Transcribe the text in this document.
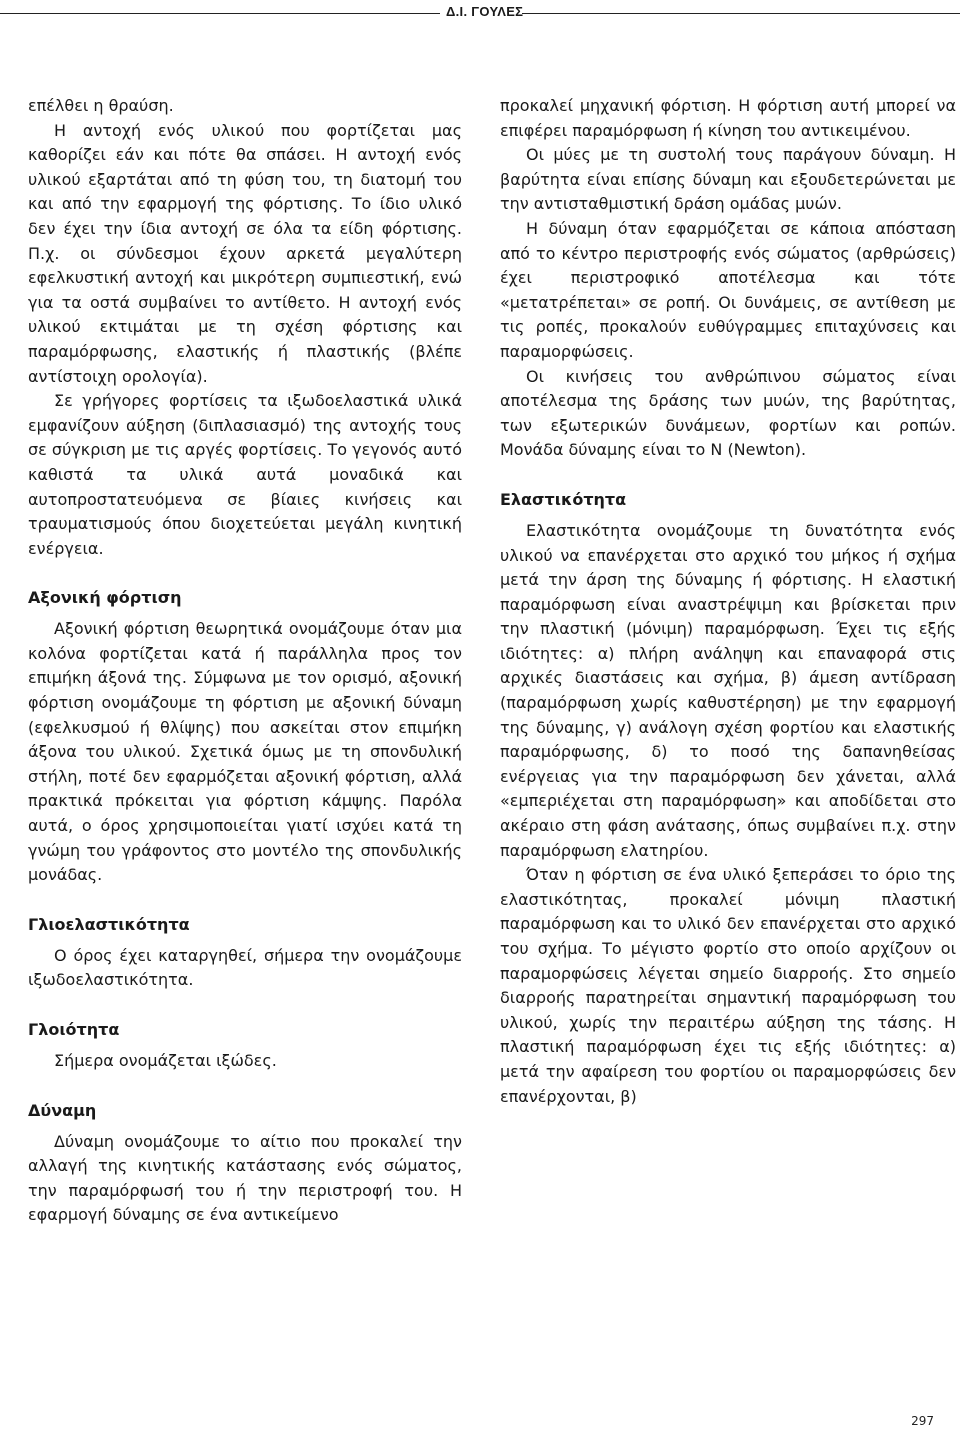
Δ.Ι. ΓΟΥΛΕΣ

επέλθει η θραύση.

Η αντοχή ενός υλικού που φορτίζεται μας καθορίζει εάν και πότε θα σπάσει. Η αντοχή ενός υλικού εξαρτάται από τη φύση του, τη διατομή του και από την εφαρμογή της φόρτισης. Το ίδιο υλικό δεν έχει την ίδια αντοχή σε όλα τα είδη φόρτισης. Π.χ. οι σύνδεσμοι έχουν αρκετά μεγαλύτερη εφελκυστική αντοχή και μικρότερη συμπιεστική, ενώ για τα οστά συμβαίνει το αντίθετο. Η αντοχή ενός υλικού εκτιμάται με τη σχέση φόρτισης και παραμόρφωσης, ελαστικής ή πλαστικής (βλέπε αντίστοιχη ορολογία).

Σε γρήγορες φορτίσεις τα ιξωδοελαστικά υλικά εμφανίζουν αύξηση (διπλασιασμό) της αντοχής τους σε σύγκριση με τις αργές φορτίσεις. Το γεγονός αυτό καθιστά τα υλικά αυτά μοναδικά και αυτοπροστατευόμενα σε βίαιες κινήσεις και τραυματισμούς όπου διοχετεύεται μεγάλη κινητική ενέργεια.

Αξονική φόρτιση

Αξονική φόρτιση θεωρητικά ονομάζουμε όταν μια κολόνα φορτίζεται κατά ή παράλληλα προς τον επιμήκη άξονά της. Σύμφωνα με τον ορισμό, αξονική φόρτιση ονομάζουμε τη φόρτιση με αξονική δύναμη (εφελκυσμού ή θλίψης) που ασκείται στον επιμήκη άξονα του υλικού. Σχετικά όμως με τη σπονδυλική στήλη, ποτέ δεν εφαρμόζεται αξονική φόρτιση, αλλά πρακτικά πρόκειται για φόρτιση κάμψης. Παρόλα αυτά, ο όρος χρησιμοποιείται γιατί ισχύει κατά τη γνώμη του γράφοντος στο μοντέλο της σπονδυλικής μονάδας.

Γλιοελαστικότητα

Ο όρος έχει καταργηθεί, σήμερα την ονομάζουμε ιξωδοελαστικότητα.

Γλοιότητα

Σήμερα ονομάζεται ιξώδες.

Δύναμη

Δύναμη ονομάζουμε το αίτιο που προκαλεί την αλλαγή της κινητικής κατάστασης ενός σώματος, την παραμόρφωσή του ή την περιστροφή του. Η εφαρμογή δύναμης σε ένα αντικείμενο

προκαλεί μηχανική φόρτιση. Η φόρτιση αυτή μπορεί να επιφέρει παραμόρφωση ή κίνηση του αντικειμένου.

Οι μύες με τη συστολή τους παράγουν δύναμη. Η βαρύτητα είναι επίσης δύναμη και εξουδετερώνεται με την αντισταθμιστική δράση ομάδας μυών.

Η δύναμη όταν εφαρμόζεται σε κάποια απόσταση από το κέντρο περιστροφής ενός σώματος (αρθρώσεις) έχει περιστροφικό αποτέλεσμα και τότε «μετατρέπεται» σε ροπή. Οι δυνάμεις, σε αντίθεση με τις ροπές, προκαλούν ευθύγραμμες επιταχύνσεις και παραμορφώσεις.

Οι κινήσεις του ανθρώπινου σώματος είναι αποτέλεσμα της δράσης των μυών, της βαρύτητας, των εξωτερικών δυνάμεων, φορτίων και ροπών. Μονάδα δύναμης είναι το N (Newton).

Ελαστικότητα

Ελαστικότητα ονομάζουμε τη δυνατότητα ενός υλικού να επανέρχεται στο αρχικό του μήκος ή σχήμα μετά την άρση της δύναμης ή φόρτισης. Η ελαστική παραμόρφωση είναι αναστρέψιμη και βρίσκεται πριν την πλαστική (μόνιμη) παραμόρφωση. Έχει τις εξής ιδιότητες: α) πλήρη ανάληψη και επαναφορά στις αρχικές διαστάσεις και σχήμα, β) άμεση αντίδραση (παραμόρφωση χωρίς καθυστέρηση) με την εφαρμογή της δύναμης, γ) ανάλογη σχέση φορτίου και ελαστικής παραμόρφωσης, δ) το ποσό της δαπανηθείσας ενέργειας για την παραμόρφωση δεν χάνεται, αλλά «εμπεριέχεται στη παραμόρφωση» και αποδίδεται στο ακέραιο στη φάση ανάτασης, όπως συμβαίνει π.χ. στην παραμόρφωση ελατηρίου.

Όταν η φόρτιση σε ένα υλικό ξεπεράσει το όριο της ελαστικότητας, προκαλεί μόνιμη πλαστική παραμόρφωση και το υλικό δεν επανέρχεται στο αρχικό του σχήμα. Το μέγιστο φορτίο στο οποίο αρχίζουν οι παραμορφώσεις λέγεται σημείο διαρροής. Στο σημείο διαρροής παρατηρείται σημαντική παραμόρφωση του υλικού, χωρίς την περαιτέρω αύξηση της τάσης. Η πλαστική παραμόρφωση έχει τις εξής ιδιότητες: α) μετά την αφαίρεση του φορτίου οι παραμορφώσεις δεν επανέρχονται, β)

297
